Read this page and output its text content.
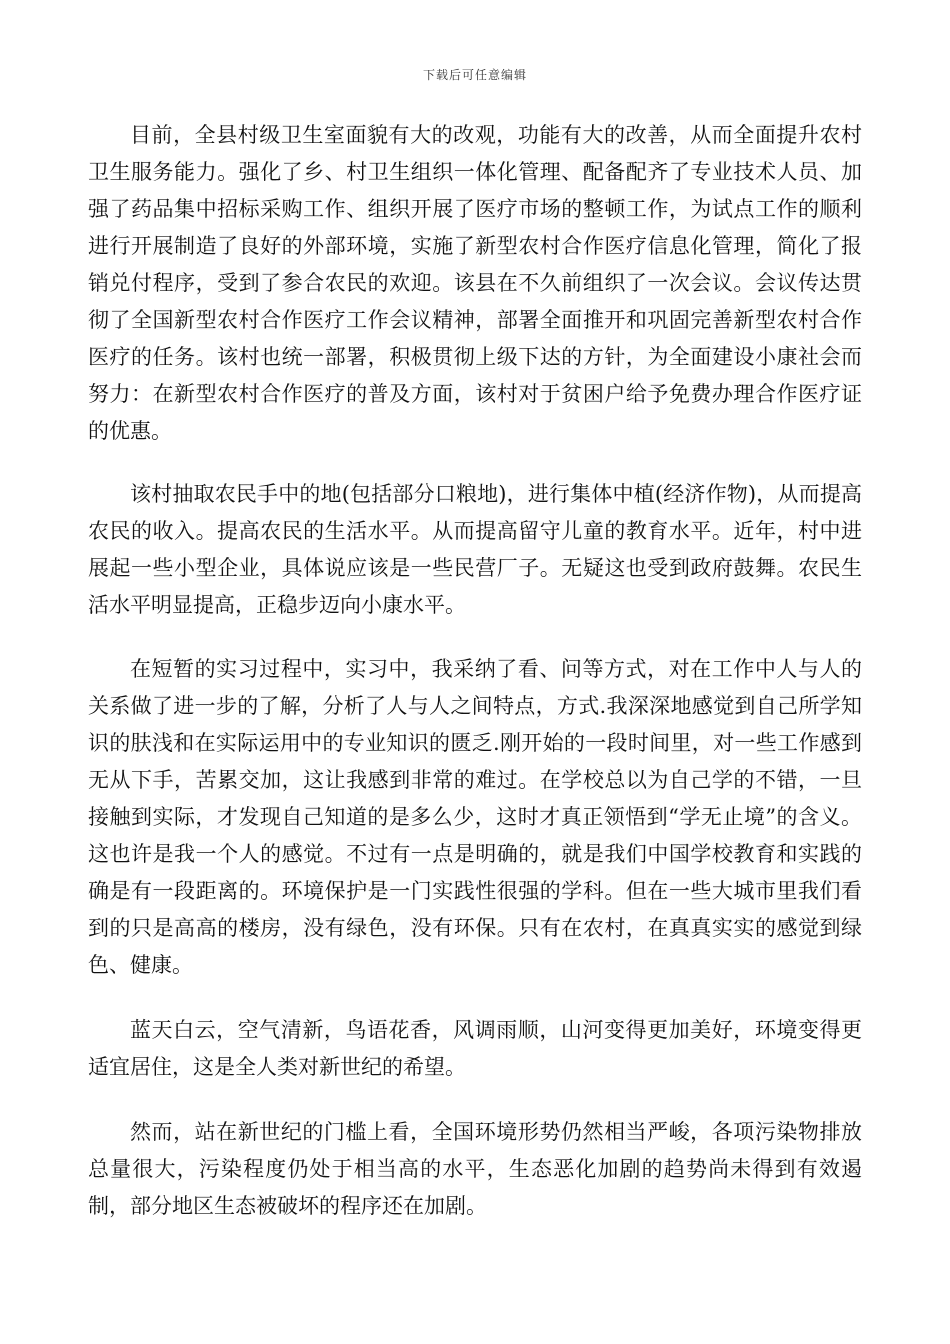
下载后可任意编辑

目前，全县村级卫生室面貌有大的改观，功能有大的改善，从而全面提升农村卫生服务能力。强化了乡、村卫生组织一体化管理、配备配齐了专业技术人员、加强了药品集中招标采购工作、组织开展了医疗市场的整顿工作，为试点工作的顺利进行开展制造了良好的外部环境，实施了新型农村合作医疗信息化管理，简化了报销兑付程序，受到了参合农民的欢迎。该县在不久前组织了一次会议。会议传达贯彻了全国新型农村合作医疗工作会议精神，部署全面推开和巩固完善新型农村合作医疗的任务。该村也统一部署，积极贯彻上级下达的方针，为全面建设小康社会而努力：在新型农村合作医疗的普及方面，该村对于贫困户给予免费办理合作医疗证的优惠。

该村抽取农民手中的地(包括部分口粮地)，进行集体中植(经济作物)，从而提高农民的收入。提高农民的生活水平。从而提高留守儿童的教育水平。近年，村中进展起一些小型企业，具体说应该是一些民营厂子。无疑这也受到政府鼓舞。农民生活水平明显提高，正稳步迈向小康水平。

在短暂的实习过程中，实习中，我采纳了看、问等方式，对在工作中人与人的关系做了进一步的了解，分析了人与人之间特点，方式.我深深地感觉到自己所学知识的肤浅和在实际运用中的专业知识的匮乏.刚开始的一段时间里，对一些工作感到无从下手，苦累交加，这让我感到非常的难过。在学校总以为自己学的不错，一旦接触到实际，才发现自己知道的是多么少，这时才真正领悟到“学无止境”的含义。这也许是我一个人的感觉。不过有一点是明确的，就是我们中国学校教育和实践的确是有一段距离的。环境保护是一门实践性很强的学科。但在一些大城市里我们看到的只是高高的楼房，没有绿色，没有环保。只有在农村，在真真实实的感觉到绿色、健康。

蓝天白云，空气清新，鸟语花香，风调雨顺，山河变得更加美好，环境变得更适宜居住，这是全人类对新世纪的希望。

然而，站在新世纪的门槛上看，全国环境形势仍然相当严峻，各项污染物排放总量很大，污染程度仍处于相当高的水平，生态恶化加剧的趋势尚未得到有效遏制，部分地区生态被破坏的程序还在加剧。
